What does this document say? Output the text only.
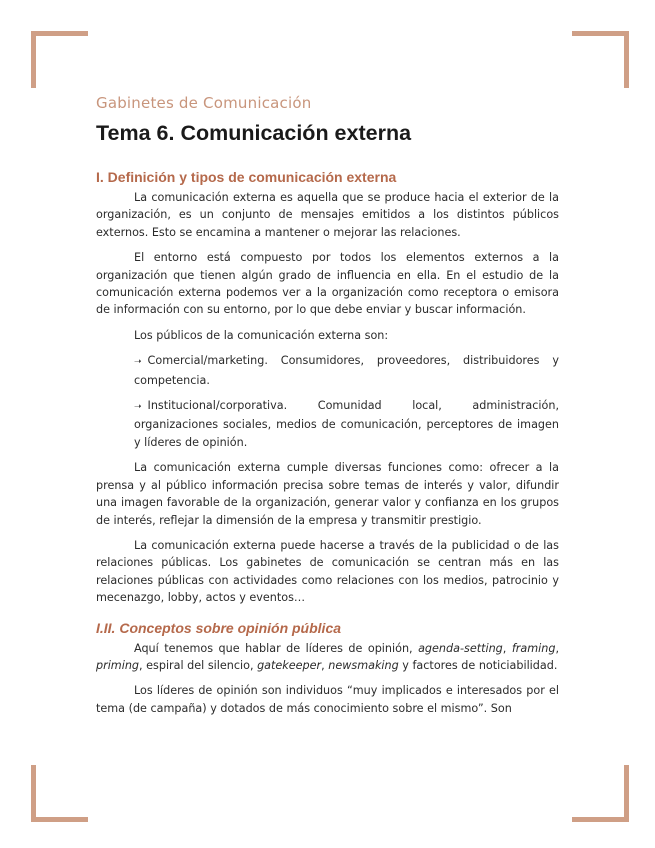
Gabinetes de Comunicación
Tema 6. Comunicación externa
I. Definición y tipos de comunicación externa

La comunicación externa es aquella que se produce hacia el exterior de la organización, es un conjunto de mensajes emitidos a los distintos públicos externos. Esto se encamina a mantener o mejorar las relaciones.

El entorno está compuesto por todos los elementos externos a la organización que tienen algún grado de influencia en ella. En el estudio de la comunicación externa podemos ver a la organización como receptora o emisora de información con su entorno, por lo que debe enviar y buscar información.

Los públicos de la comunicación externa son:

➝ Comercial/marketing. Consumidores, proveedores, distribuidores y competencia.

➝ Institucional/corporativa. Comunidad local, administración, organizaciones sociales, medios de comunicación, perceptores de imagen y líderes de opinión.

La comunicación externa cumple diversas funciones como: ofrecer a la prensa y al público información precisa sobre temas de interés y valor, difundir una imagen favorable de la organización, generar valor y confianza en los grupos de interés, reflejar la dimensión de la empresa y transmitir prestigio.

La comunicación externa puede hacerse a través de la publicidad o de las relaciones públicas. Los gabinetes de comunicación se centran más en las relaciones públicas con actividades como relaciones con los medios, patrocinio y mecenazgo, lobby, actos y eventos…

I.II. Conceptos sobre opinión pública

Aquí tenemos que hablar de líderes de opinión, agenda-setting, framing, priming, espiral del silencio, gatekeeper, newsmaking y factores de noticiabilidad.

Los líderes de opinión son individuos “muy implicados e interesados por el tema (de campaña) y dotados de más conocimiento sobre el mismo”. Son
